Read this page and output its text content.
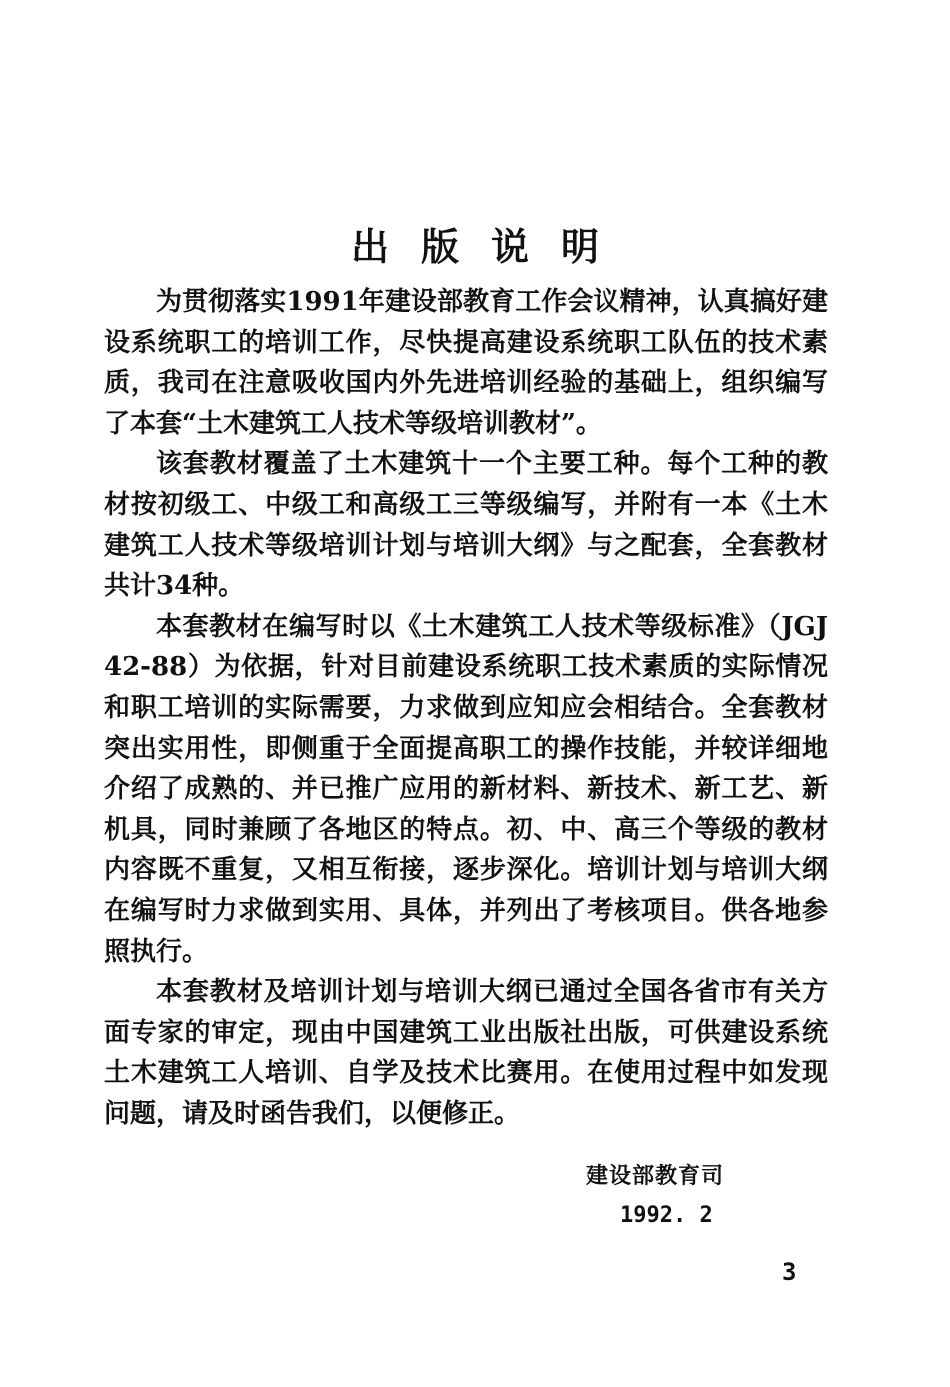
出版说明

为贯彻落实1991年建设部教育工作会议精神，认真搞好建设系统职工的培训工作，尽快提高建设系统职工队伍的技术素质，我司在注意吸收国内外先进培训经验的基础上，组织编写了本套“土木建筑工人技术等级培训教材”。

该套教材覆盖了土木建筑十一个主要工种。每个工种的教材按初级工、中级工和高级工三等级编写，并附有一本《土木建筑工人技术等级培训计划与培训大纲》与之配套，全套教材共计34种。

本套教材在编写时以《土木建筑工人技术等级标准》（JGJ42-88）为依据，针对目前建设系统职工技术素质的实际情况和职工培训的实际需要，力求做到应知应会相结合。全套教材突出实用性，即侧重于全面提高职工的操作技能，并较详细地介绍了成熟的、并已推广应用的新材料、新技术、新工艺、新机具，同时兼顾了各地区的特点。初、中、高三个等级的教材内容既不重复，又相互衔接，逐步深化。培训计划与培训大纲在编写时力求做到实用、具体，并列出了考核项目。供各地参照执行。

本套教材及培训计划与培训大纲已通过全国各省市有关方面专家的审定，现由中国建筑工业出版社出版，可供建设系统土木建筑工人培训、自学及技术比赛用。在使用过程中如发现问题，请及时函告我们，以便修正。

建设部教育司
1992. 2
3
